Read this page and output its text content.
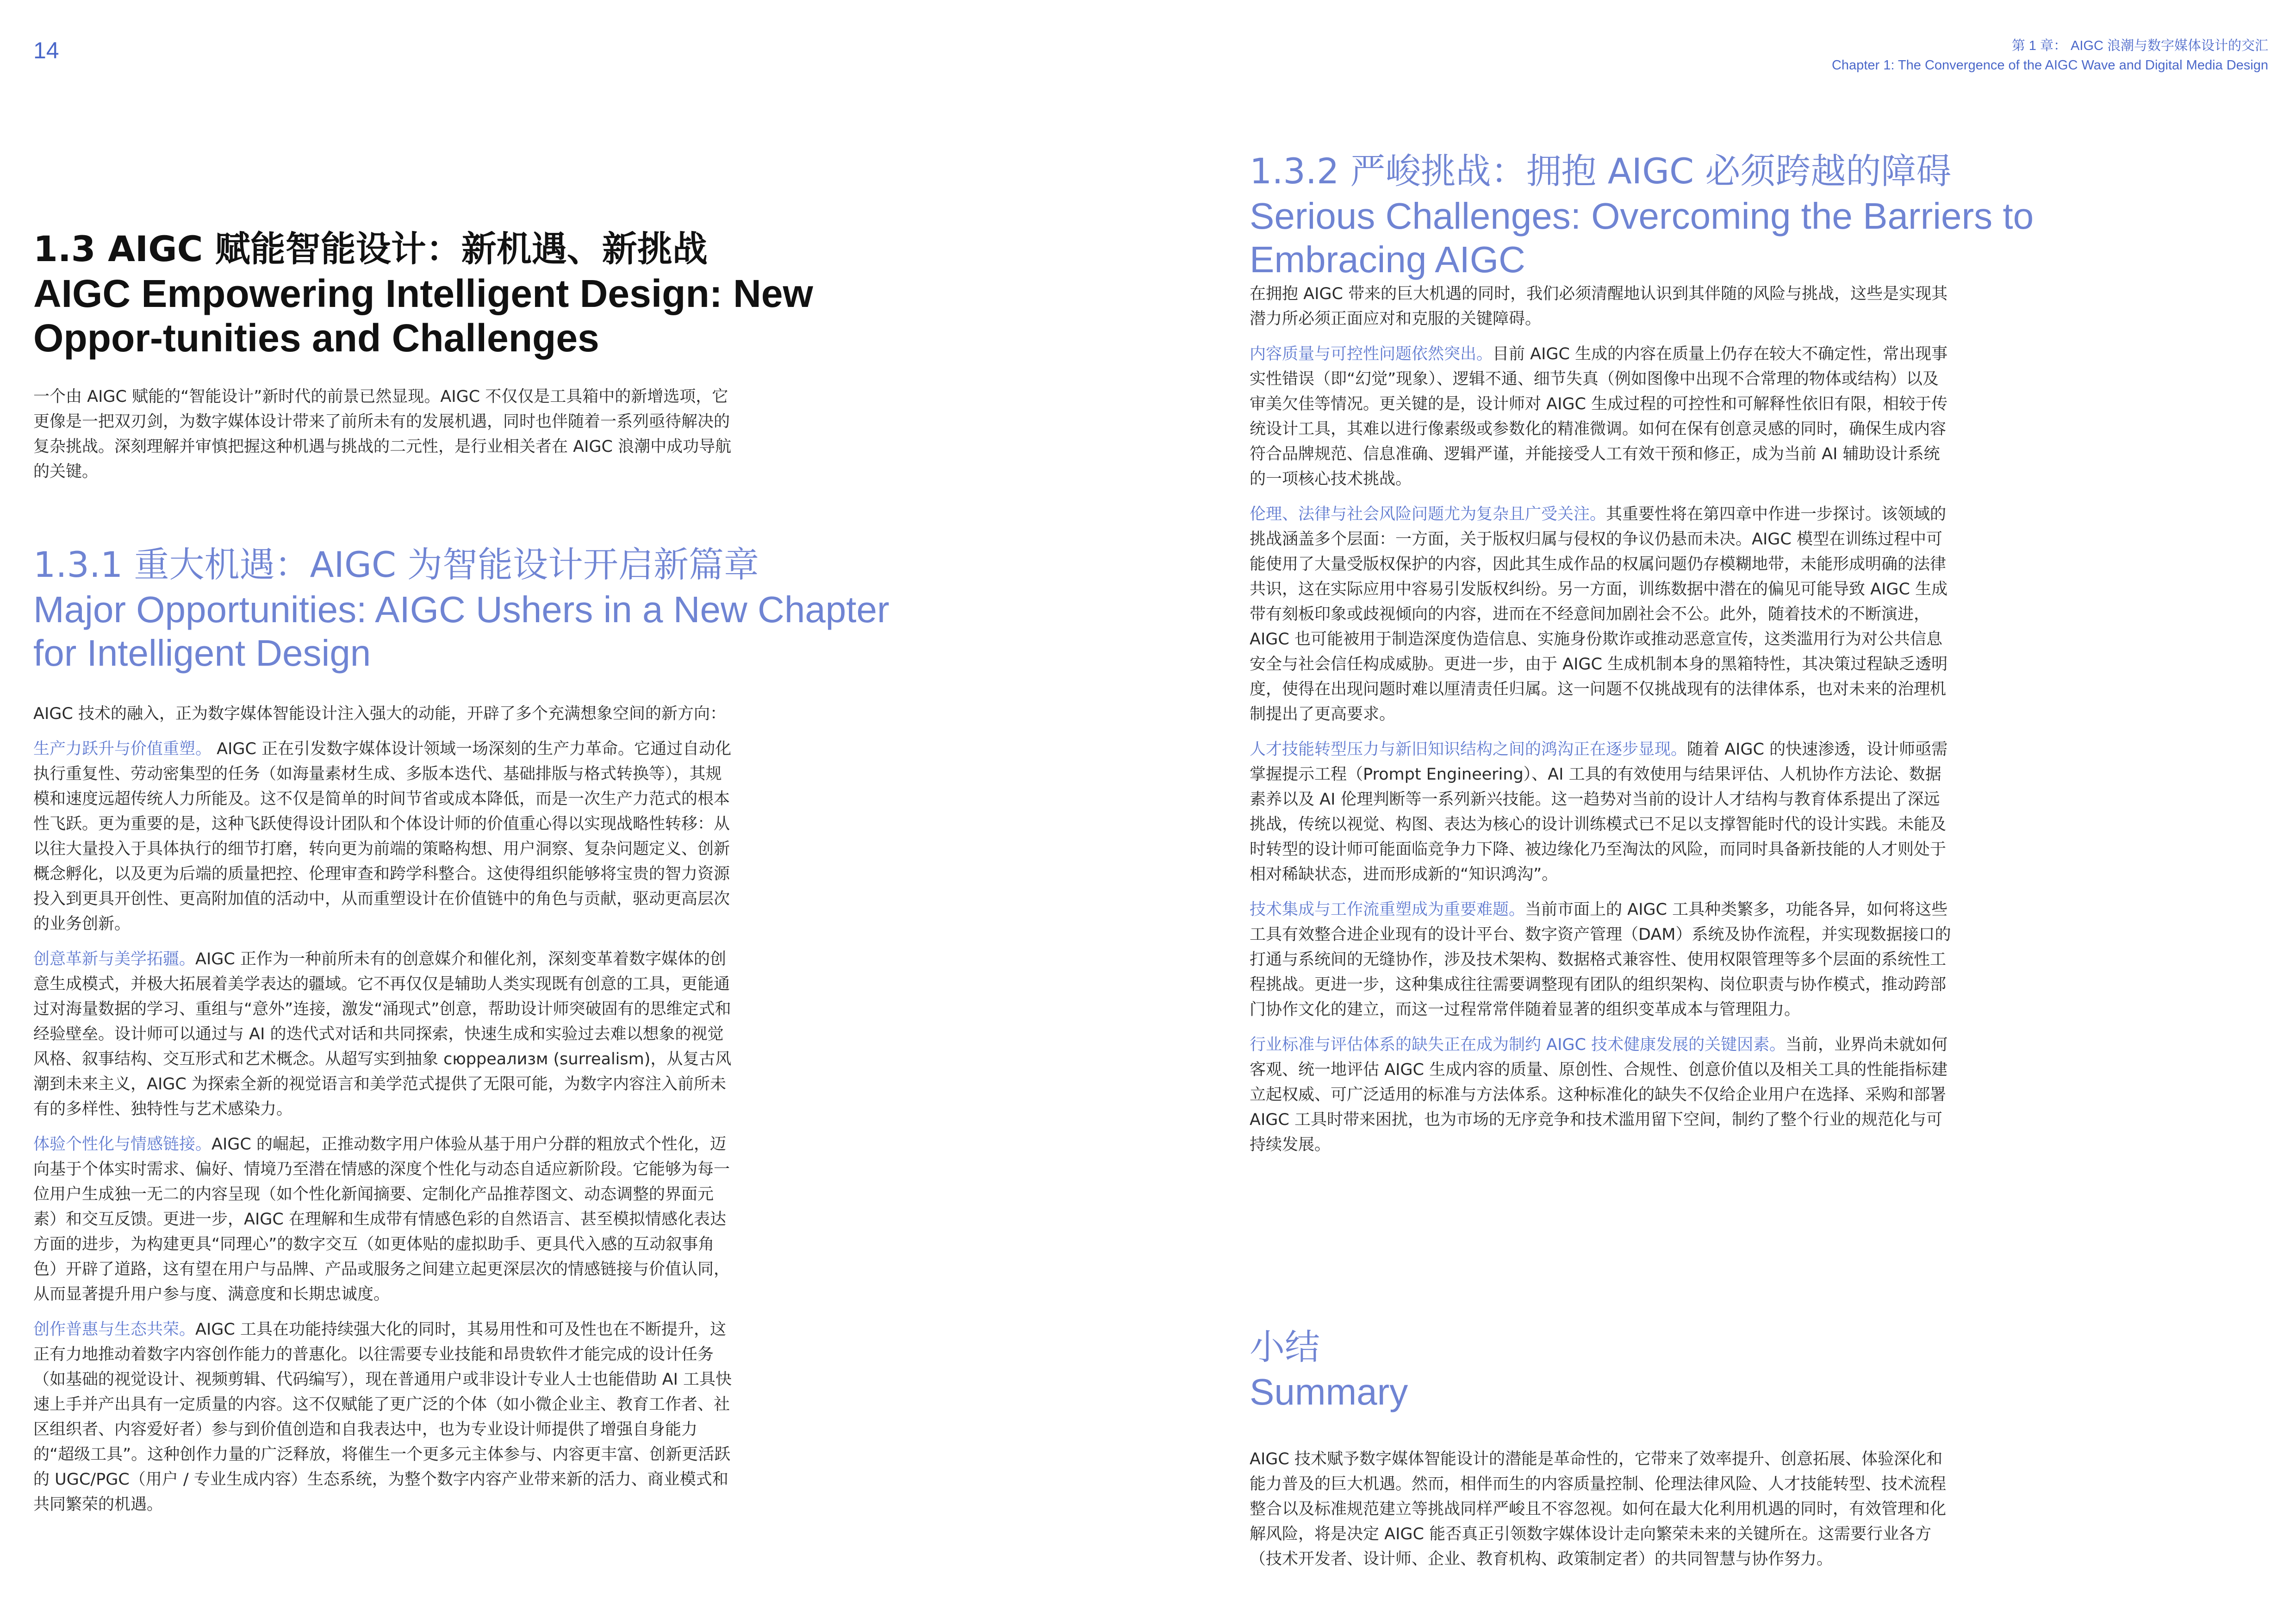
14	第 1 章： AIGC 浪潮与数字媒体设计的交汇
Chapter 1: The Convergence of the AIGC Wave and Digital Media Design
1.3 AIGC 赋能智能设计：新机遇、新挑战
AIGC Empowering Intelligent Design: New Oppor-tunities and Challenges

一个由 AIGC 赋能的“智能设计”新时代的前景已然显现。AIGC 不仅仅是工具箱中的新增选项，它更像是一把双刃剑，为数字媒体设计带来了前所未有的发展机遇，同时也伴随着一系列亟待解决的复杂挑战。深刻理解并审慎把握这种机遇与挑战的二元性，是行业相关者在 AIGC 浪潮中成功导航的关键。

1.3.1 重大机遇：AIGC 为智能设计开启新篇章
Major Opportunities: AIGC Ushers in a New Chapter for Intelligent Design

AIGC 技术的融入，正为数字媒体智能设计注入强大的动能，开辟了多个充满想象空间的新方向：

生产力跃升与价值重塑。 AIGC 正在引发数字媒体设计领域一场深刻的生产力革命。它通过自动化执行重复性、劳动密集型的任务（如海量素材生成、多版本迭代、基础排版与格式转换等），其规模和速度远超传统人力所能及。这不仅是简单的时间节省或成本降低，而是一次生产力范式的根本性飞跃。更为重要的是，这种飞跃使得设计团队和个体设计师的价值重心得以实现战略性转移：从以往大量投入于具体执行的细节打磨，转向更为前端的策略构想、用户洞察、复杂问题定义、创新概念孵化，以及更为后端的质量把控、伦理审查和跨学科整合。这使得组织能够将宝贵的智力资源投入到更具开创性、更高附加值的活动中，从而重塑设计在价值链中的角色与贡献，驱动更高层次的业务创新。

创意革新与美学拓疆。AIGC 正作为一种前所未有的创意媒介和催化剂，深刻变革着数字媒体的创意生成模式，并极大拓展着美学表达的疆域。它不再仅仅是辅助人类实现既有创意的工具，更能通过对海量数据的学习、重组与“意外”连接，激发“涌现式”创意，帮助设计师突破固有的思维定式和经验壁垒。设计师可以通过与 AI 的迭代式对话和共同探索，快速生成和实验过去难以想象的视觉风格、叙事结构、交互形式和艺术概念。从超写实到抽象 сюрреализм (surrealism)，从复古风潮到未来主义，AIGC 为探索全新的视觉语言和美学范式提供了无限可能，为数字内容注入前所未有的多样性、独特性与艺术感染力。

体验个性化与情感链接。AIGC 的崛起，正推动数字用户体验从基于用户分群的粗放式个性化，迈向基于个体实时需求、偏好、情境乃至潜在情感的深度个性化与动态自适应新阶段。它能够为每一位用户生成独一无二的内容呈现（如个性化新闻摘要、定制化产品推荐图文、动态调整的界面元素）和交互反馈。更进一步，AIGC 在理解和生成带有情感色彩的自然语言、甚至模拟情感化表达方面的进步，为构建更具“同理心”的数字交互（如更体贴的虚拟助手、更具代入感的互动叙事角色）开辟了道路，这有望在用户与品牌、产品或服务之间建立起更深层次的情感链接与价值认同，从而显著提升用户参与度、满意度和长期忠诚度。

创作普惠与生态共荣。AIGC 工具在功能持续强大化的同时，其易用性和可及性也在不断提升，这正有力地推动着数字内容创作能力的普惠化。以往需要专业技能和昂贵软件才能完成的设计任务（如基础的视觉设计、视频剪辑、代码编写），现在普通用户或非设计专业人士也能借助 AI 工具快速上手并产出具有一定质量的内容。这不仅赋能了更广泛的个体（如小微企业主、教育工作者、社区组织者、内容爱好者）参与到价值创造和自我表达中，也为专业设计师提供了增强自身能力的“超级工具”。这种创作力量的广泛释放，将催生一个更多元主体参与、内容更丰富、创新更活跃的 UGC/PGC（用户 / 专业生成内容）生态系统，为整个数字内容产业带来新的活力、商业模式和共同繁荣的机遇。

1.3.2 严峻挑战：拥抱 AIGC 必须跨越的障碍
Serious Challenges: Overcoming the Barriers to Embracing AIGC

在拥抱 AIGC 带来的巨大机遇的同时，我们必须清醒地认识到其伴随的风险与挑战，这些是实现其潜力所必须正面应对和克服的关键障碍。

内容质量与可控性问题依然突出。目前 AIGC 生成的内容在质量上仍存在较大不确定性，常出现事实性错误（即“幻觉”现象）、逻辑不通、细节失真（例如图像中出现不合常理的物体或结构）以及审美欠佳等情况。更关键的是，设计师对 AIGC 生成过程的可控性和可解释性依旧有限，相较于传统设计工具，其难以进行像素级或参数化的精准微调。如何在保有创意灵感的同时，确保生成内容符合品牌规范、信息准确、逻辑严谨，并能接受人工有效干预和修正，成为当前 AI 辅助设计系统的一项核心技术挑战。

伦理、法律与社会风险问题尤为复杂且广受关注。其重要性将在第四章中作进一步探讨。该领域的挑战涵盖多个层面：一方面，关于版权归属与侵权的争议仍悬而未决。AIGC 模型在训练过程中可能使用了大量受版权保护的内容，因此其生成作品的权属问题仍存模糊地带，未能形成明确的法律共识，这在实际应用中容易引发版权纠纷。另一方面，训练数据中潜在的偏见可能导致 AIGC 生成带有刻板印象或歧视倾向的内容，进而在不经意间加剧社会不公。此外，随着技术的不断演进，AIGC 也可能被用于制造深度伪造信息、实施身份欺诈或推动恶意宣传，这类滥用行为对公共信息安全与社会信任构成威胁。更进一步，由于 AIGC 生成机制本身的黑箱特性，其决策过程缺乏透明度，使得在出现问题时难以厘清责任归属。这一问题不仅挑战现有的法律体系，也对未来的治理机制提出了更高要求。

人才技能转型压力与新旧知识结构之间的鸿沟正在逐步显现。随着 AIGC 的快速渗透，设计师亟需掌握提示工程（Prompt Engineering）、AI 工具的有效使用与结果评估、人机协作方法论、数据素养以及 AI 伦理判断等一系列新兴技能。这一趋势对当前的设计人才结构与教育体系提出了深远挑战，传统以视觉、构图、表达为核心的设计训练模式已不足以支撑智能时代的设计实践。未能及时转型的设计师可能面临竞争力下降、被边缘化乃至淘汰的风险，而同时具备新技能的人才则处于相对稀缺状态，进而形成新的“知识鸿沟”。

技术集成与工作流重塑成为重要难题。当前市面上的 AIGC 工具种类繁多，功能各异，如何将这些工具有效整合进企业现有的设计平台、数字资产管理（DAM）系统及协作流程，并实现数据接口的打通与系统间的无缝协作，涉及技术架构、数据格式兼容性、使用权限管理等多个层面的系统性工程挑战。更进一步，这种集成往往需要调整现有团队的组织架构、岗位职责与协作模式，推动跨部门协作文化的建立，而这一过程常常伴随着显著的组织变革成本与管理阻力。

行业标准与评估体系的缺失正在成为制约 AIGC 技术健康发展的关键因素。当前，业界尚未就如何客观、统一地评估 AIGC 生成内容的质量、原创性、合规性、创意价值以及相关工具的性能指标建立起权威、可广泛适用的标准与方法体系。这种标准化的缺失不仅给企业用户在选择、采购和部署 AIGC 工具时带来困扰，也为市场的无序竞争和技术滥用留下空间，制约了整个行业的规范化与可持续发展。

小结
Summary

AIGC 技术赋予数字媒体智能设计的潜能是革命性的，它带来了效率提升、创意拓展、体验深化和能力普及的巨大机遇。然而，相伴而生的内容质量控制、伦理法律风险、人才技能转型、技术流程整合以及标准规范建立等挑战同样严峻且不容忽视。如何在最大化利用机遇的同时，有效管理和化解风险，将是决定 AIGC 能否真正引领数字媒体设计走向繁荣未来的关键所在。这需要行业各方（技术开发者、设计师、企业、教育机构、政策制定者）的共同智慧与协作努力。
